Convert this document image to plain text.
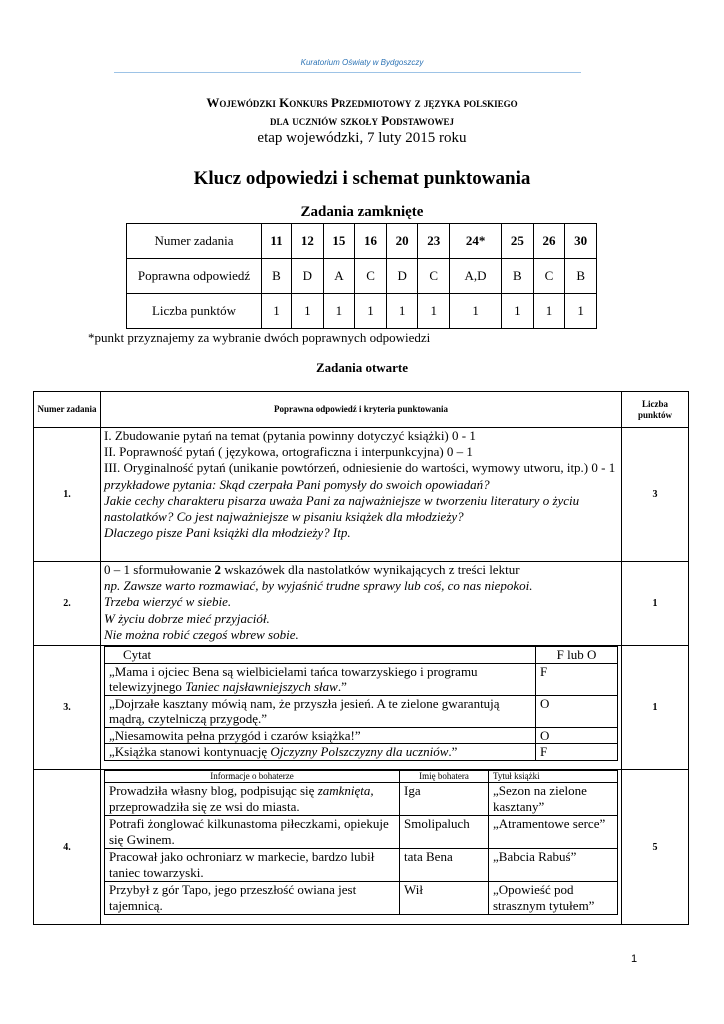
Kuratorium Oświaty w Bydgoszczy
Wojewódzki Konkurs Przedmiotowy z języka polskiego
dla uczniów szkoły Podstawowej
etap wojewódzki, 7 luty 2015 roku
Klucz odpowiedzi i schemat punktowania
Zadania zamknięte
Numer zadania	11	12	15	16	20	23	24*	25	26	30
Poprawna odpowiedź	B	D	A	C	D	C	A,D	B	C	B
Liczba punktów	1	1	1	1	1	1	1	1	1	1
*punkt przyznajemy za wybranie dwóch poprawnych odpowiedzi
Zadania otwarte
Numer zadania	Poprawna odpowiedź i kryteria punktowania	Liczba punktów
1.	
I. Zbudowanie pytań na temat (pytania powinny dotyczyć książki) 0 - 1
II. Poprawność pytań ( językowa, ortograficzna i interpunkcyjna) 0 – 1
III. Oryginalność pytań (unikanie powtórzeń, odniesienie do wartości, wymowy utworu, itp.) 0 - 1
przykładowe pytania: Skąd czerpała Pani pomysły do swoich opowiadań?
Jakie cechy charakteru pisarza uważa Pani za najważniejsze w tworzeniu literatury o życiu nastolatków? Co jest najważniejsze w pisaniu książek dla młodzieży?
Dlaczego pisze Pani książki dla młodzieży? Itp.
	3
2.	
0 – 1 sformułowanie 2 wskazówek dla nastolatków wynikających z treści lektur
np. Zawsze warto rozmawiać, by wyjaśnić trudne sprawy lub coś, co nas niepokoi.
Trzeba wierzyć w siebie.
W życiu dobrze mieć przyjaciół.
Nie można robić czegoś wbrew sobie.
	1
3.	
Cytat	F lub O
„Mama i ojciec Bena są wielbicielami tańca towarzyskiego i programu telewizyjnego Taniec najsławniejszych sław.”	F
„Dojrzałe kasztany mówią nam, że przyszła jesień. A te zielone gwarantują mądrą, czytelniczą przygodę.”	O
„Niesamowita pełna przygód i czarów książka!”	O
„Książka stanowi kontynuację Ojczyzny Polszczyzny dla uczniów.”	F
	1
4.	
Informacje o bohaterze	Imię bohatera	Tytuł książki
Prowadziła własny blog, podpisując się zamknięta, przeprowadziła się ze wsi do miasta.	Iga	„Sezon na zielone kasztany”
Potrafi żonglować kilkunastoma piłeczkami, opiekuje się Gwinem.	Smolipaluch	„Atramentowe serce”
Pracował jako ochroniarz w markecie, bardzo lubił taniec towarzyski.	tata Bena	„Babcia Rabuś”
Przybył z gór Tapo, jego przeszłość owiana jest tajemnicą.	Wił	„Opowieść pod strasznym tytułem”
	5
1
